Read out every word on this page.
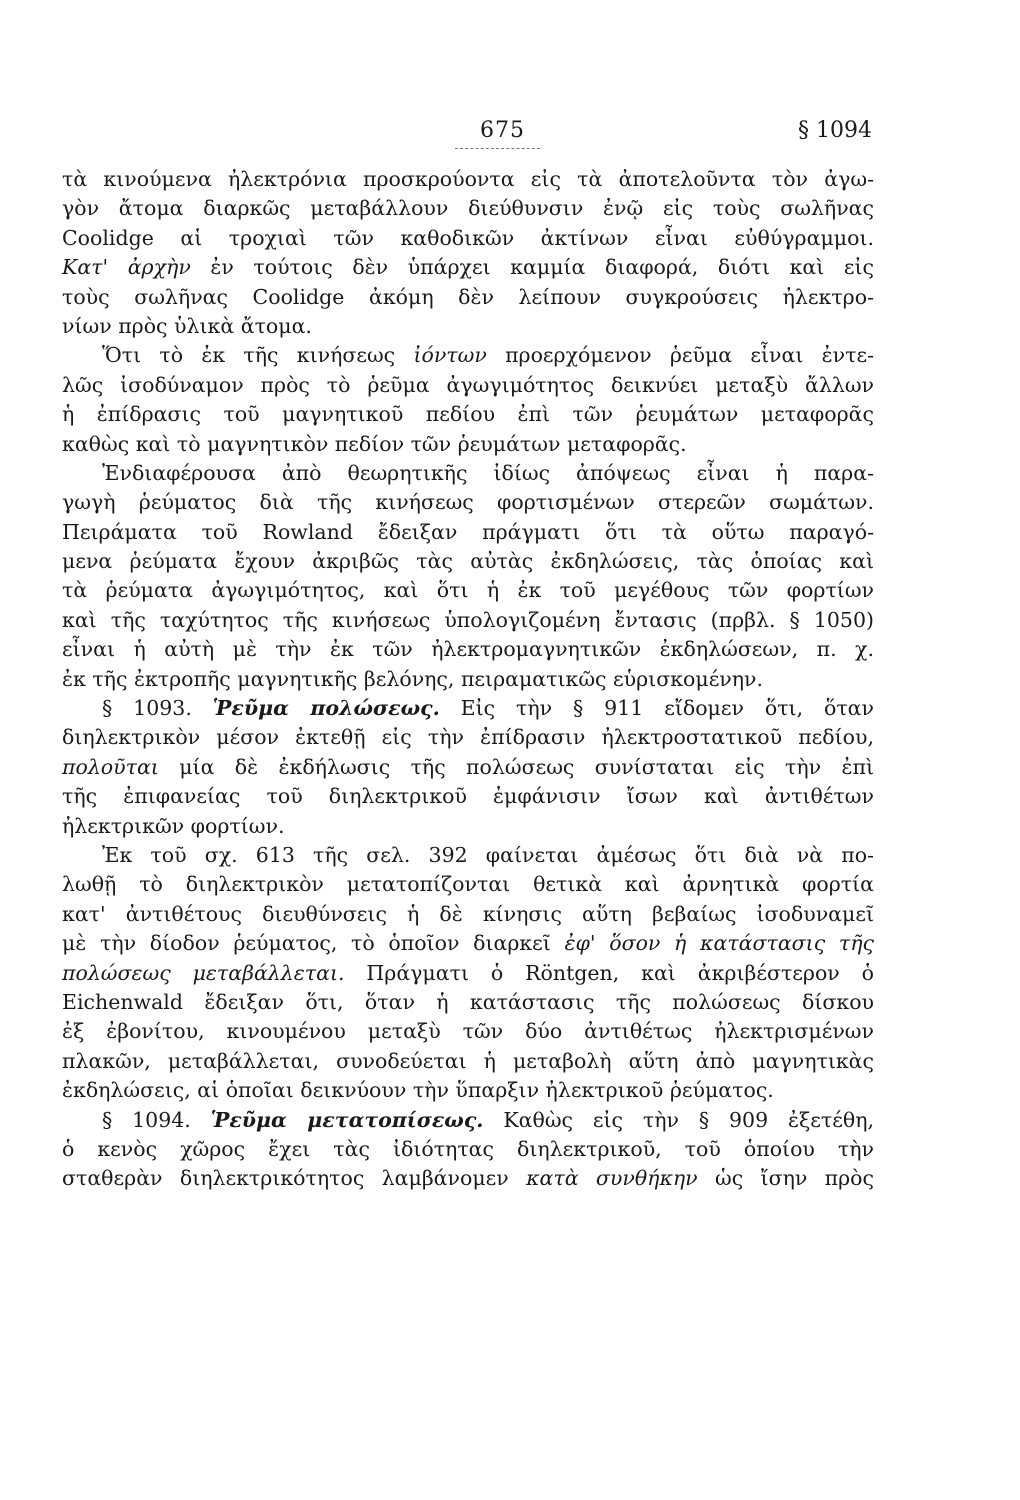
675	§ 1094
τὰ κινούμενα ἠλεκτρόνια προσκρούοντα εἰς τὰ ἀποτελοῦντα τὸν ἀγω-
γὸν ἄτομα διαρκῶς μεταβάλλουν διεύθυνσιν ἐνῷ εἰς τοὺς σωλῆνας
Coolidge αἱ τροχιαὶ τῶν καθοδικῶν ἀκτίνων εἶναι εὐθύγραμμοι.
Κατ' ἀρχὴν ἐν τούτοις δὲν ὑπάρχει καμμία διαφορά, διότι καὶ εἰς
τοὺς σωλῆνας Coolidge ἀκόμη δὲν λείπουν συγκρούσεις ἠλεκτρο-
νίων πρὸς ὑλικὰ ἄτομα.
Ὅτι τὸ ἐκ τῆς κινήσεως ἰόντων προερχόμενον ῥεῦμα εἶναι ἐντε-
λῶς ἰσοδύναμον πρὸς τὸ ῥεῦμα ἀγωγιμότητος δεικνύει μεταξὺ ἄλλων
ἡ ἐπίδρασις τοῦ μαγνητικοῦ πεδίου ἐπὶ τῶν ῥευμάτων μεταφορᾶς
καθὼς καὶ τὸ μαγνητικὸν πεδίον τῶν ῥευμάτων μεταφορᾶς.
Ἐνδιαφέρουσα ἀπὸ θεωρητικῆς ἰδίως ἀπόψεως εἶναι ἡ παρα-
γωγὴ ῥεύματος διὰ τῆς κινήσεως φορτισμένων στερεῶν σωμάτων.
Πειράματα τοῦ Rowland ἔδειξαν πράγματι ὅτι τὰ οὕτω παραγό-
μενα ῥεύματα ἔχουν ἀκριβῶς τὰς αὐτὰς ἐκδηλώσεις, τὰς ὁποίας καὶ
τὰ ῥεύματα ἀγωγιμότητος, καὶ ὅτι ἡ ἐκ τοῦ μεγέθους τῶν φορτίων
καὶ τῆς ταχύτητος τῆς κινήσεως ὑπολογιζομένη ἔντασις (πρβλ. § 1050)
εἶναι ἡ αὐτὴ μὲ τὴν ἐκ τῶν ἠλεκτρομαγνητικῶν ἐκδηλώσεων, π. χ.
ἐκ τῆς ἐκτροπῆς μαγνητικῆς βελόνης, πειραματικῶς εὑρισκομένην.
§ 1093. Ῥεῦμα πολώσεως. Εἰς τὴν § 911 εἴδομεν ὅτι, ὅταν
διηλεκτρικὸν μέσον ἐκτεθῇ εἰς τὴν ἐπίδρασιν ἠλεκτροστατικοῦ πεδίου,
πολοῦται μία δὲ ἐκδήλωσις τῆς πολώσεως συνίσταται εἰς τὴν ἐπὶ
τῆς ἐπιφανείας τοῦ διηλεκτρικοῦ ἐμφάνισιν ἴσων καὶ ἀντιθέτων
ἠλεκτρικῶν φορτίων.
Ἐκ τοῦ σχ. 613 τῆς σελ. 392 φαίνεται ἀμέσως ὅτι διὰ νὰ πο-
λωθῇ τὸ διηλεκτρικὸν μετατοπίζονται θετικὰ καὶ ἀρνητικὰ φορτία
κατ' ἀντιθέτους διευθύνσεις ἡ δὲ κίνησις αὕτη βεβαίως ἰσοδυναμεῖ
μὲ τὴν δίοδον ῥεύματος, τὸ ὁποῖον διαρκεῖ ἐφ' ὅσον ἡ κατάστασις τῆς
πολώσεως μεταβάλλεται. Πράγματι ὁ Röntgen, καὶ ἀκριβέστερον ὁ
Eichenwald ἔδειξαν ὅτι, ὅταν ἡ κατάστασις τῆς πολώσεως δίσκου
ἐξ ἐβονίτου, κινουμένου μεταξὺ τῶν δύο ἀντιθέτως ἠλεκτρισμένων
πλακῶν, μεταβάλλεται, συνοδεύεται ἡ μεταβολὴ αὕτη ἀπὸ μαγνητικὰς
ἐκδηλώσεις, αἱ ὁποῖαι δεικνύουν τὴν ὕπαρξιν ἠλεκτρικοῦ ῥεύματος.
§ 1094. Ῥεῦμα μετατοπίσεως. Καθὼς εἰς τὴν § 909 ἐξετέθη,
ὁ κενὸς χῶρος ἔχει τὰς ἰδιότητας διηλεκτρικοῦ, τοῦ ὁποίου τὴν
σταθερὰν διηλεκτρικότητος λαμβάνομεν κατὰ συνθήκην ὡς ἴσην πρὸς
